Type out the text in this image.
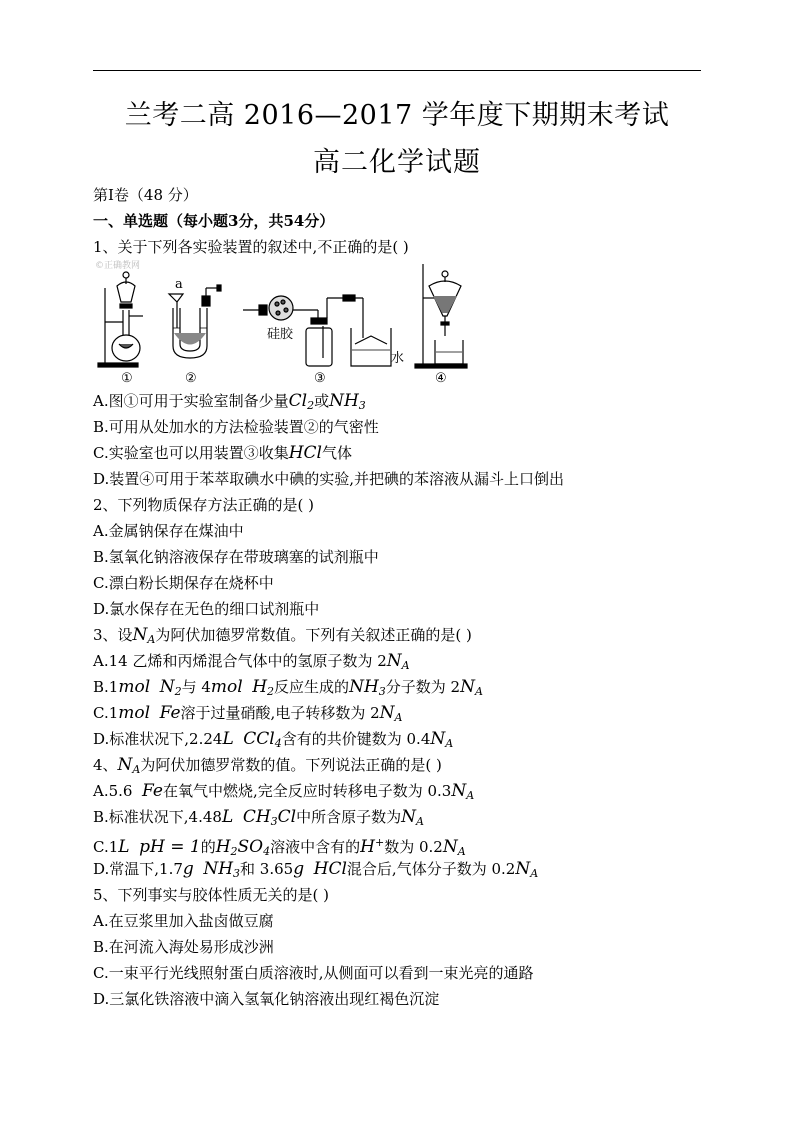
兰考二高 2016—2017 学年度下期期末考试
高二化学试题
第Ⅰ卷（48 分）
一、单选题（每小题3分，共54分）
1、关于下列各实验装置的叙述中,不正确的是( )
A.图①可用于实验室制备少量$Cl_2$或$NH_3$
B.可用从处加水的方法检验装置②的气密性
C.实验室也可以用装置③收集HCl气体
D.装置④可用于苯萃取碘水中碘的实验,并把碘的苯溶液从漏斗上口倒出
2、下列物质保存方法正确的是( )
A.金属钠保存在煤油中
B.氢氧化钠溶液保存在带玻璃塞的试剂瓶中
C.漂白粉长期保存在烧杯中
D.氯水保存在无色的细口试剂瓶中
3、设$N_A$为阿伏加德罗常数值。下列有关叙述正确的是( )
A.14 乙烯和丙烯混合气体中的氢原子数为 $2N_A$
B.1mol $N_2$与 4mol $H_2$反应生成的$NH_3$分子数为 $2N_A$
C.1mol Fe溶于过量硝酸,电子转移数为 $2N_A$
D.标准状况下,2.24L CCl$_4$含有的共价键数为 $0.4N_A$
4、$N_A$为阿伏加德罗常数的值。下列说法正确的是( )
A.5.6 Fe在氧气中燃烧,完全反应时转移电子数为 $0.3N_A$
B.标准状况下,4.48L $CH_3Cl$中所含原子数为$N_A$
C.1L pH = 1的$H_2SO_4$溶液中含有的H+数为 $0.2N_A$
D.常温下,1.7g $NH_3$和 3.65g HCl混合后,气体分子数为 $0.2N_A$
5、下列事实与胶体性质无关的是( )
A.在豆浆里加入盐卤做豆腐
B.在河流入海处易形成沙洲
C.一束平行光线照射蛋白质溶液时,从侧面可以看到一束光亮的通路
D.三氯化铁溶液中滴入氢氧化钠溶液出现红褐色沉淀
①	②	③	④
a
硅胶
水
©正确教网
